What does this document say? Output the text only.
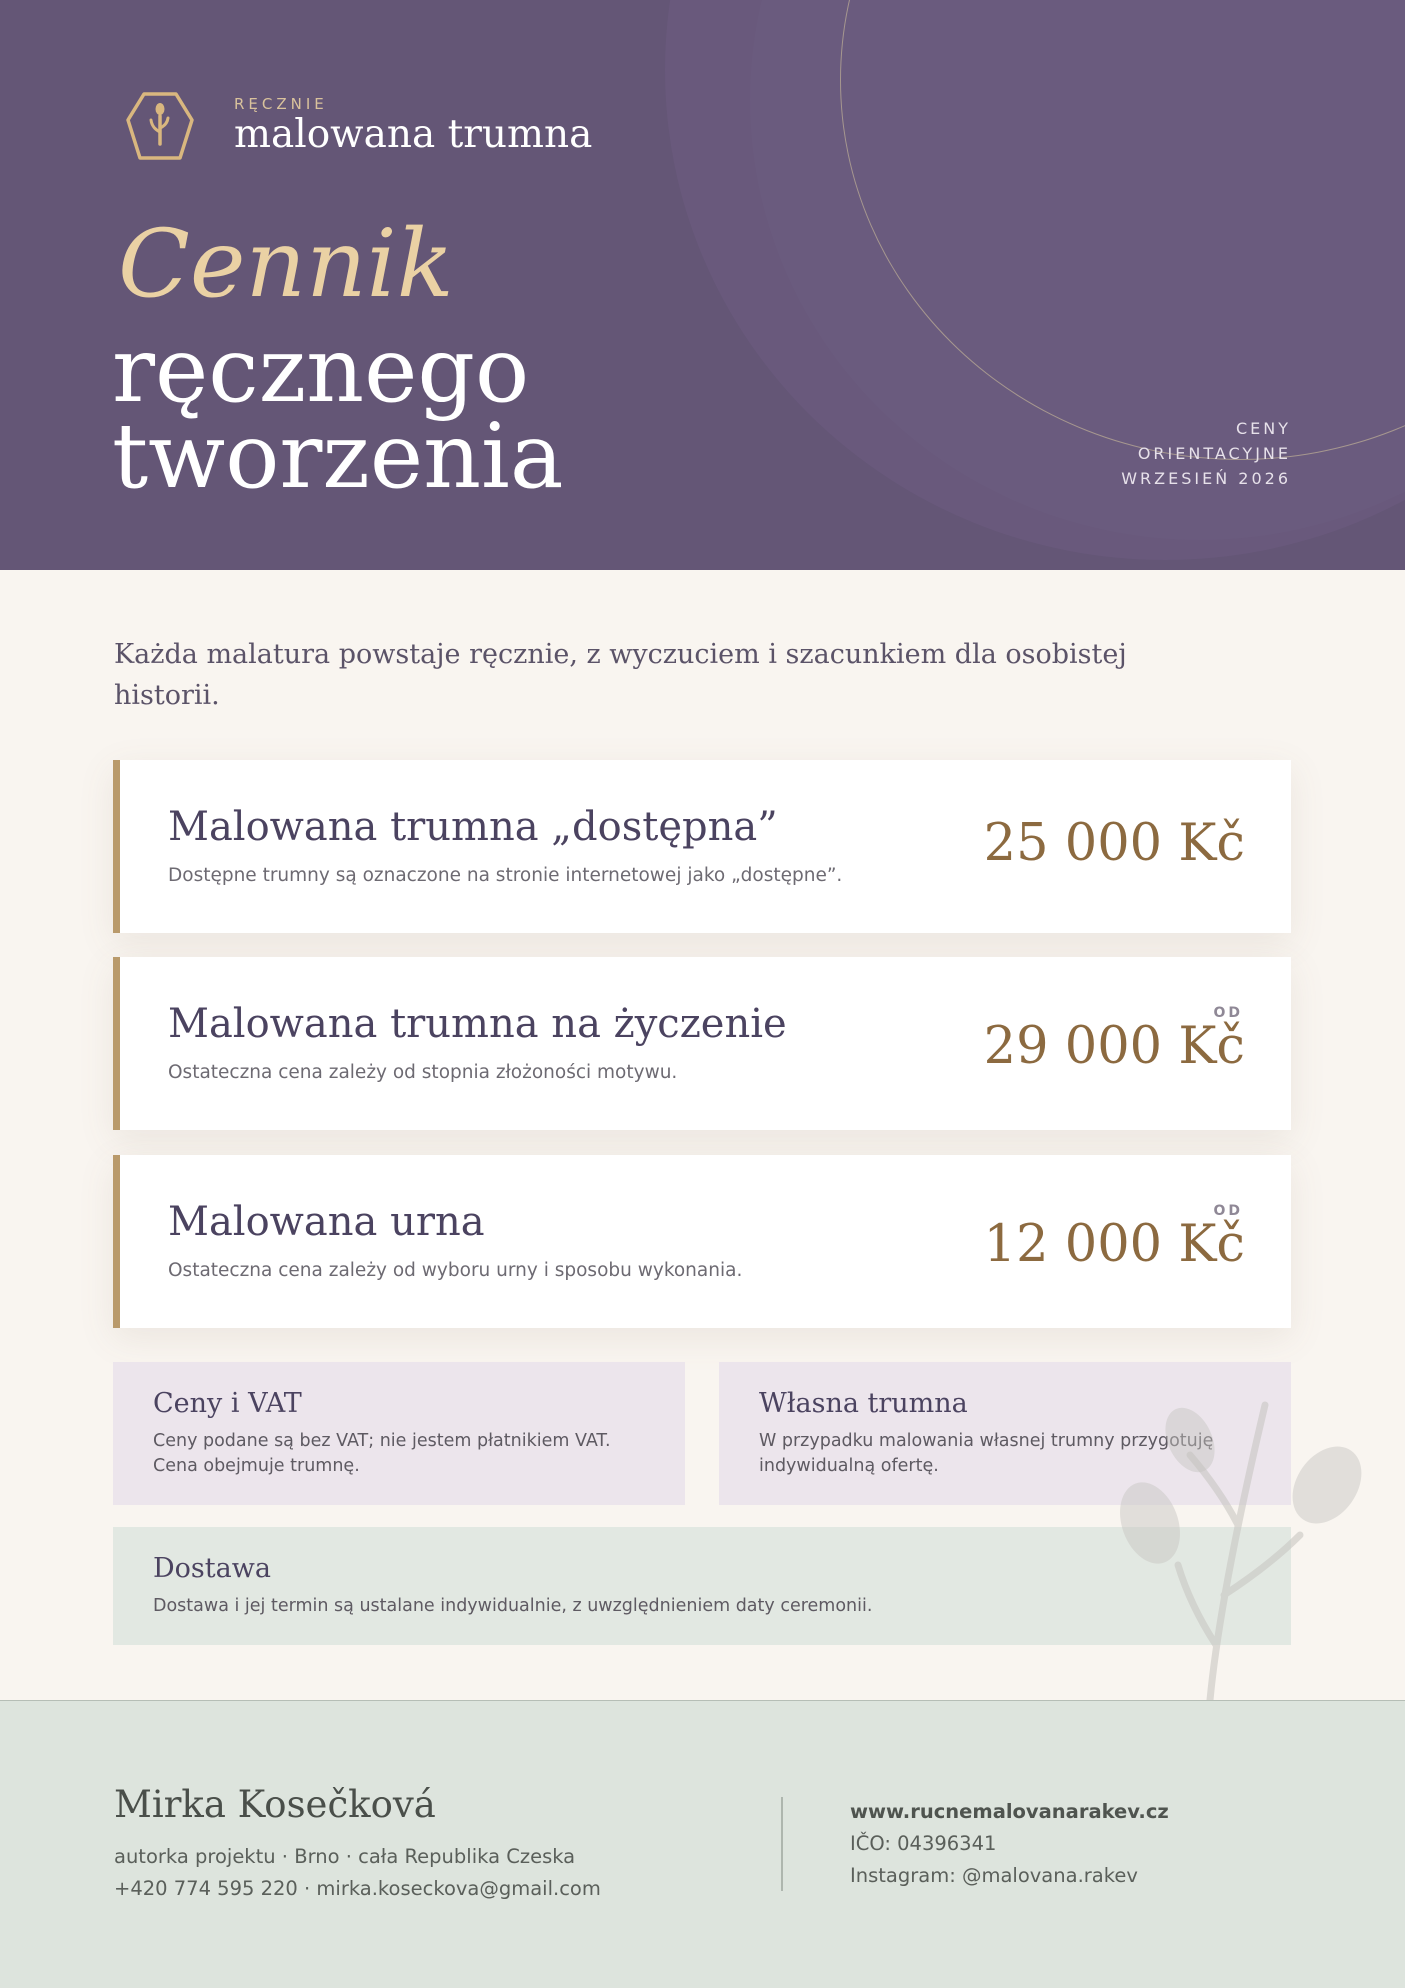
RĘCZNIE
malowana trumna
Cennik
ręcznego
tworzenia	CENY
ORIENTACYJNE
WRZESIEŃ 2026
Każda malatura powstaje ręcznie, z wyczuciem i szacunkiem dla osobistej historii.
Malowana trumna „dostępna”
Dostępne trumny są oznaczone na stronie internetowej jako „dostępne”.
25 000 Kč
Malowana trumna na życzenie
Ostateczna cena zależy od stopnia złożoności motywu.
OD
29 000 Kč
Malowana urna
Ostateczna cena zależy od wyboru urny i sposobu wykonania.
OD
12 000 Kč
Ceny i VAT
Ceny podane są bez VAT; nie jestem płatnikiem VAT.
Cena obejmuje trumnę.
Własna trumna
W przypadku malowania własnej trumny przygotuję
indywidualną ofertę.
Dostawa
Dostawa i jej termin są ustalane indywidualnie, z uwzględnieniem daty ceremonii.
Mirka Kosečková
autorka projektu · Brno · cała Republika Czeska
+420 774 595 220 · mirka.koseckova@gmail.com
www.rucnemalovanarakev.cz
IČO: 04396341
Instagram: @malovana.rakev
